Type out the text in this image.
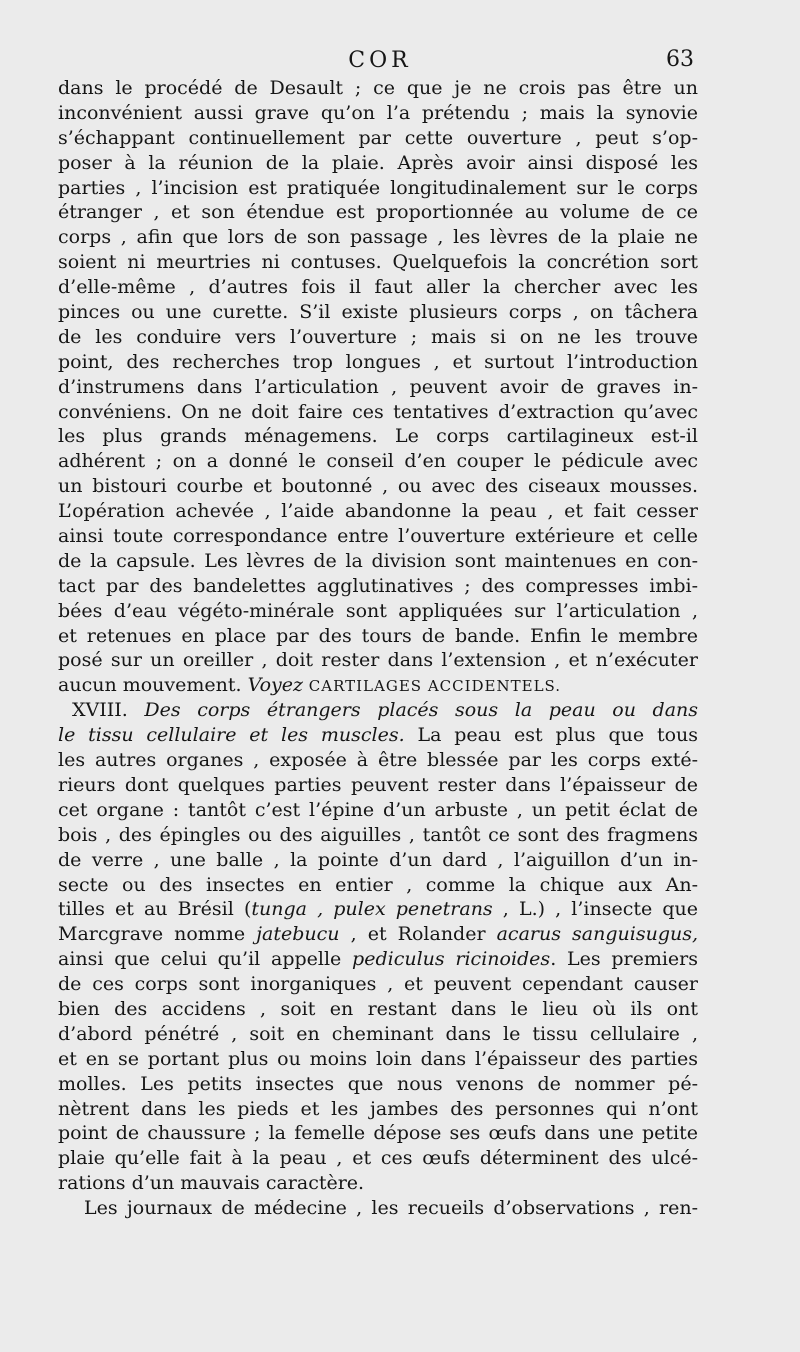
COR	63
dans le procédé de Desault ; ce que je ne crois pas être un
inconvénient aussi grave qu’on l’a prétendu ; mais la synovie
s’échappant continuellement par cette ouverture , peut s’op-
poser à la réunion de la plaie. Après avoir ainsi disposé les
parties , l’incision est pratiquée longitudinalement sur le corps
étranger , et son étendue est proportionnée au volume de ce
corps , afin que lors de son passage , les lèvres de la plaie ne
soient ni meurtries ni contuses. Quelquefois la concrétion sort
d’elle-même , d’autres fois il faut aller la chercher avec les
pinces ou une curette. S’il existe plusieurs corps , on tâchera
de les conduire vers l’ouverture ; mais si on ne les trouve
point, des recherches trop longues , et surtout l’introduction
d’instrumens dans l’articulation , peuvent avoir de graves in-
convéniens. On ne doit faire ces tentatives d’extraction qu’avec
les plus grands ménagemens. Le corps cartilagineux est-il
adhérent ; on a donné le conseil d’en couper le pédicule avec
un bistouri courbe et boutonné , ou avec des ciseaux mousses.
L’opération achevée , l’aide abandonne la peau , et fait cesser
ainsi toute correspondance entre l’ouverture extérieure et celle
de la capsule. Les lèvres de la division sont maintenues en con-
tact par des bandelettes agglutinatives ; des compresses imbi-
bées d’eau végéto-minérale sont appliquées sur l’articulation ,
et retenues en place par des tours de bande. Enfin le membre
posé sur un oreiller , doit rester dans l’extension , et n’exécuter
aucun mouvement. Voyez CARTILAGES ACCIDENTELS.
XVIII. Des corps étrangers placés sous la peau ou dans
le tissu cellulaire et les muscles. La peau est plus que tous
les autres organes , exposée à être blessée par les corps exté-
rieurs dont quelques parties peuvent rester dans l’épaisseur de
cet organe : tantôt c’est l’épine d’un arbuste , un petit éclat de
bois , des épingles ou des aiguilles , tantôt ce sont des fragmens
de verre , une balle , la pointe d’un dard , l’aiguillon d’un in-
secte ou des insectes en entier , comme la chique aux An-
tilles et au Brésil (tunga , pulex penetrans , L.) , l’insecte que
Marcgrave nomme jatebucu , et Rolander acarus sanguisugus,
ainsi que celui qu’il appelle pediculus ricinoides. Les premiers
de ces corps sont inorganiques , et peuvent cependant causer
bien des accidens , soit en restant dans le lieu où ils ont
d’abord pénétré , soit en cheminant dans le tissu cellulaire ,
et en se portant plus ou moins loin dans l’épaisseur des parties
molles. Les petits insectes que nous venons de nommer pé-
nètrent dans les pieds et les jambes des personnes qui n’ont
point de chaussure ; la femelle dépose ses œufs dans une petite
plaie qu’elle fait à la peau , et ces œufs déterminent des ulcé-
rations d’un mauvais caractère.
Les journaux de médecine , les recueils d’observations , ren-
